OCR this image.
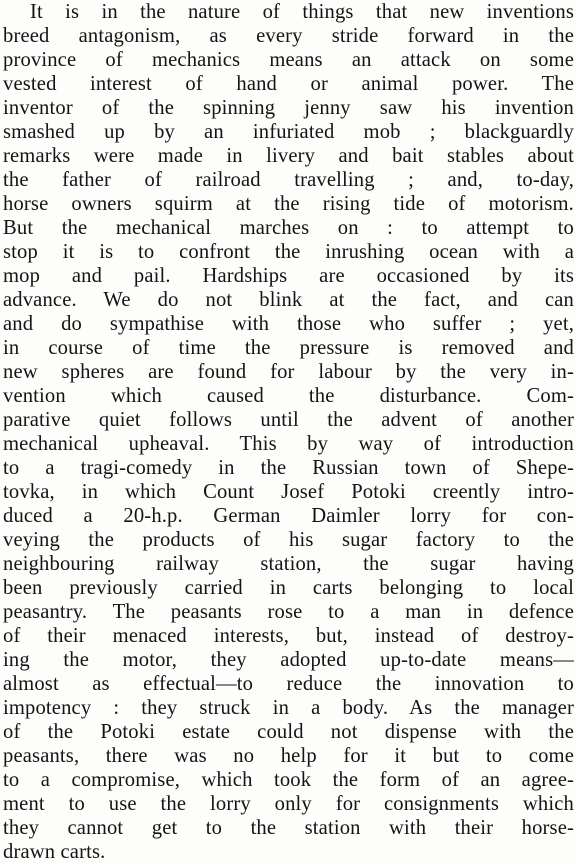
It is in the nature of things that new inventions
breed antagonism, as every stride forward in the
province of mechanics means an attack on some
vested interest of hand or animal power. The
inventor of the spinning jenny saw his invention
smashed up by an infuriated mob ; blackguardly
remarks were made in livery and bait stables about
the father of railroad travelling ; and, to-day,
horse owners squirm at the rising tide of motorism.
But the mechanical marches on : to attempt to
stop it is to confront the inrushing ocean with a
mop and pail. Hardships are occasioned by its
advance. We do not blink at the fact, and can
and do sympathise with those who suffer ; yet,
in course of time the pressure is removed and
new spheres are found for labour by the very in-
vention which caused the disturbance. Com-
parative quiet follows until the advent of another
mechanical upheaval. This by way of introduction
to a tragi-comedy in the Russian town of Shepe-
tovka, in which Count Josef Potoki creently intro-
duced a 20-h.p. German Daimler lorry for con-
veying the products of his sugar factory to the
neighbouring railway station, the sugar having
been previously carried in carts belonging to local
peasantry. The peasants rose to a man in defence
of their menaced interests, but, instead of destroy-
ing the motor, they adopted up-to-date means—
almost as effectual—to reduce the innovation to
impotency : they struck in a body. As the manager
of the Potoki estate could not dispense with the
peasants, there was no help for it but to come
to a compromise, which took the form of an agree-
ment to use the lorry only for consignments which
they cannot get to the station with their horse-
drawn carts.
